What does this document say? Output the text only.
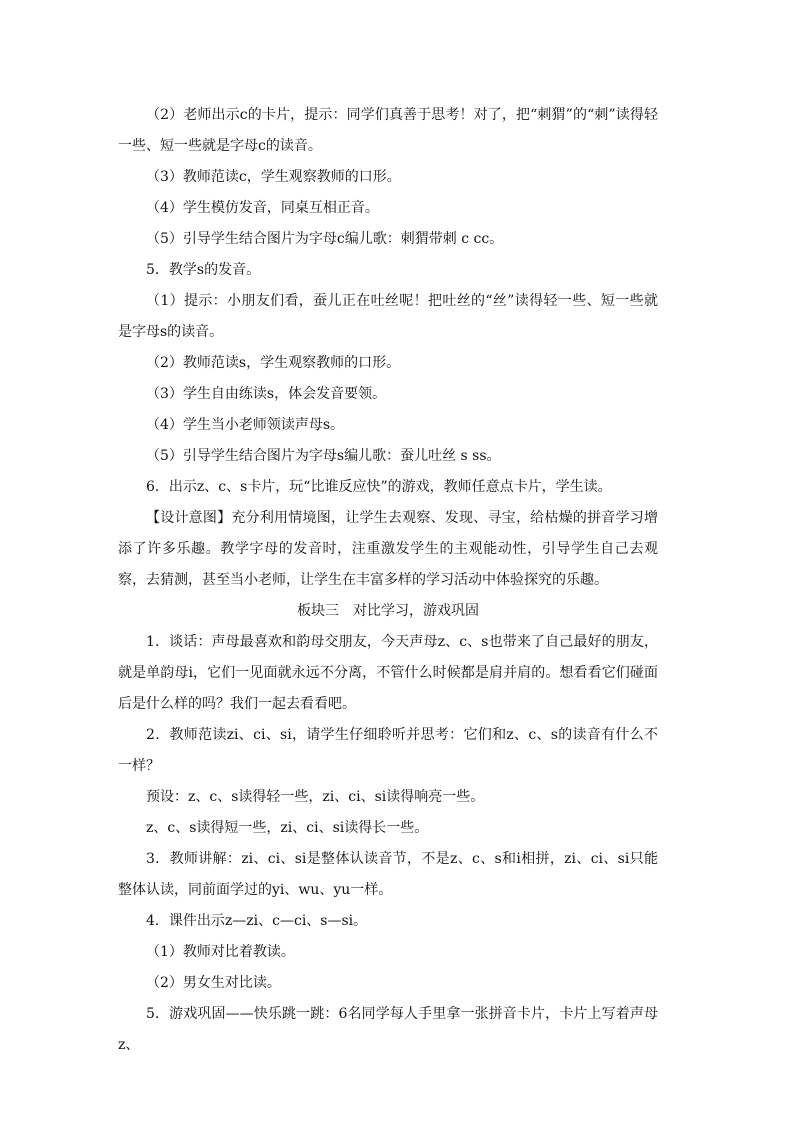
（2）老师出示c的卡片，提示：同学们真善于思考！对了，把“刺猬”的“刺”读得轻一些、短一些就是字母c的读音。

（3）教师范读c，学生观察教师的口形。

（4）学生模仿发音，同桌互相正音。

（5）引导学生结合图片为字母c编儿歌：刺猬带刺 c cc。

5．教学s的发音。

（1）提示：小朋友们看，蚕儿正在吐丝呢！把吐丝的“丝”读得轻一些、短一些就是字母s的读音。

（2）教师范读s，学生观察教师的口形。

（3）学生自由练读s，体会发音要领。

（4）学生当小老师领读声母s。

（5）引导学生结合图片为字母s编儿歌：蚕儿吐丝 s ss。

6．出示z、c、s卡片，玩“比谁反应快”的游戏，教师任意点卡片，学生读。

【设计意图】充分利用情境图，让学生去观察、发现、寻宝，给枯燥的拼音学习增添了许多乐趣。教学字母的发音时，注重激发学生的主观能动性，引导学生自己去观察，去猜测，甚至当小老师，让学生在丰富多样的学习活动中体验探究的乐趣。

板块三　对比学习，游戏巩固

1．谈话：声母最喜欢和韵母交朋友，今天声母z、c、s也带来了自己最好的朋友，就是单韵母i，它们一见面就永远不分离，不管什么时候都是肩并肩的。想看看它们碰面后是什么样的吗？我们一起去看看吧。

2．教师范读zi、ci、si，请学生仔细聆听并思考：它们和z、c、s的读音有什么不一样？

预设：z、c、s读得轻一些，zi、ci、si读得响亮一些。

z、c、s读得短一些，zi、ci、si读得长一些。

3．教师讲解：zi、ci、si是整体认读音节，不是z、c、s和i相拼，zi、ci、si只能整体认读，同前面学过的yi、wu、yu一样。

4．课件出示z—zi、c—ci、s—si。

（1）教师对比着教读。

（2）男女生对比读。

5．游戏巩固——快乐跳一跳：6名同学每人手里拿一张拼音卡片，卡片上写着声母z、
